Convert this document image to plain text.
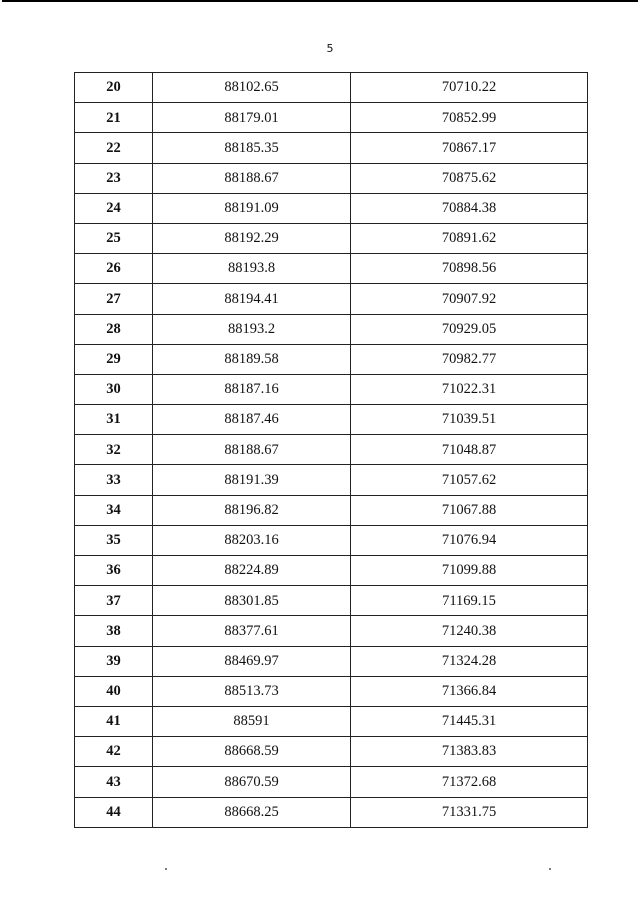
5
20	88102.65	70710.22
21	88179.01	70852.99
22	88185.35	70867.17
23	88188.67	70875.62
24	88191.09	70884.38
25	88192.29	70891.62
26	88193.8	70898.56
27	88194.41	70907.92
28	88193.2	70929.05
29	88189.58	70982.77
30	88187.16	71022.31
31	88187.46	71039.51
32	88188.67	71048.87
33	88191.39	71057.62
34	88196.82	71067.88
35	88203.16	71076.94
36	88224.89	71099.88
37	88301.85	71169.15
38	88377.61	71240.38
39	88469.97	71324.28
40	88513.73	71366.84
41	88591	71445.31
42	88668.59	71383.83
43	88670.59	71372.68
44	88668.25	71331.75
